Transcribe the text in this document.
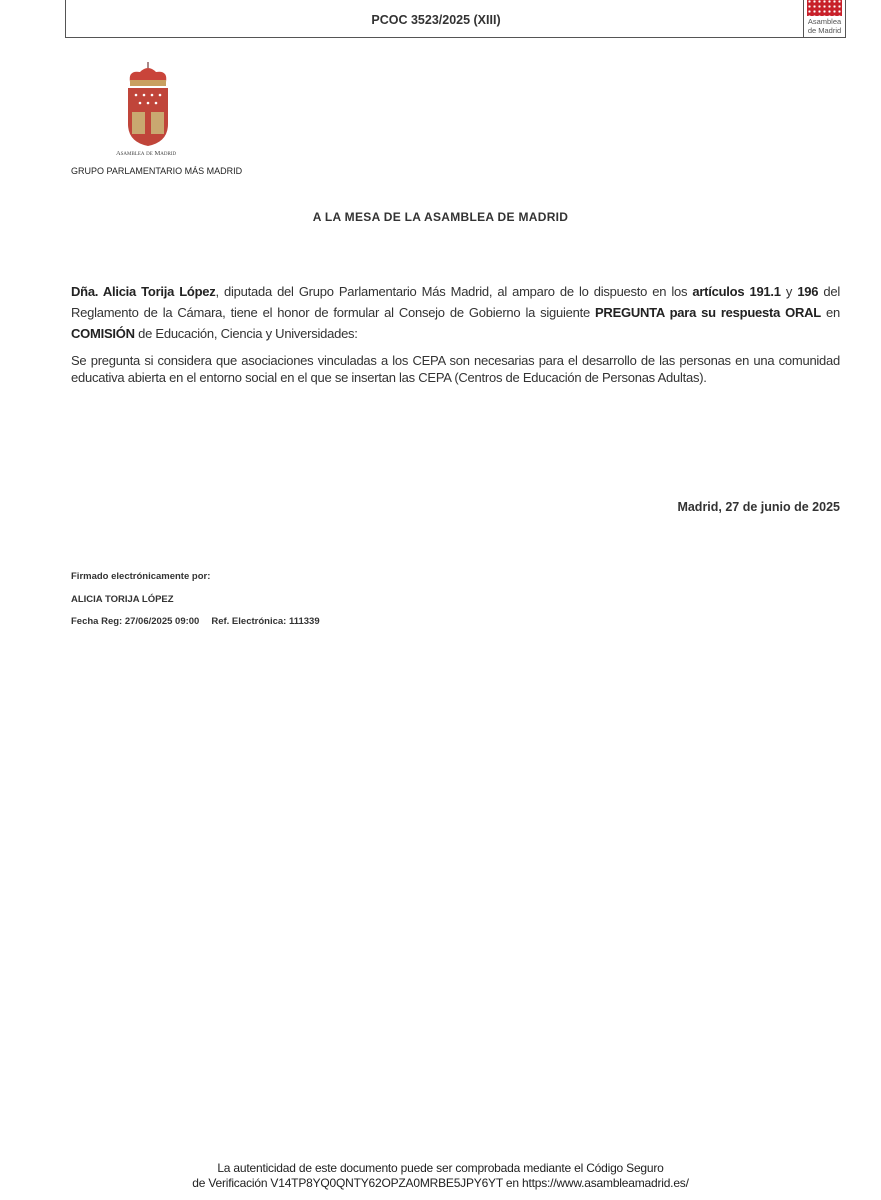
PCOC 3523/2025 (XIII)	Asamblea
de Madrid
Asamblea de Madrid
GRUPO PARLAMENTARIO MÁS MADRID
A LA MESA DE LA ASAMBLEA DE MADRID
Dña. Alicia Torija López, diputada del Grupo Parlamentario Más Madrid, al amparo de lo dispuesto en los artículos 191.1 y 196 del Reglamento de la Cámara, tiene el honor de formular al Consejo de Gobierno la siguiente PREGUNTA para su respuesta ORAL en COMISIÓN de Educación, Ciencia y Universidades:
Se pregunta si considera que asociaciones vinculadas a los CEPA son necesarias para el desarrollo de las personas en una comunidad educativa abierta en el entorno social en el que se insertan las CEPA (Centros de Educación de Personas Adultas).
Madrid, 27 de junio de 2025
Firmado electrónicamente por:
ALICIA TORIJA LÓPEZ
Fecha Reg: 27/06/2025 09:00 Ref. Electrónica: 111339
La autenticidad de este documento puede ser comprobada mediante el Código Seguro
de Verificación V14TP8YQ0QNTY62OPZA0MRBE5JPY6YT en https://www.asambleamadrid.es/
